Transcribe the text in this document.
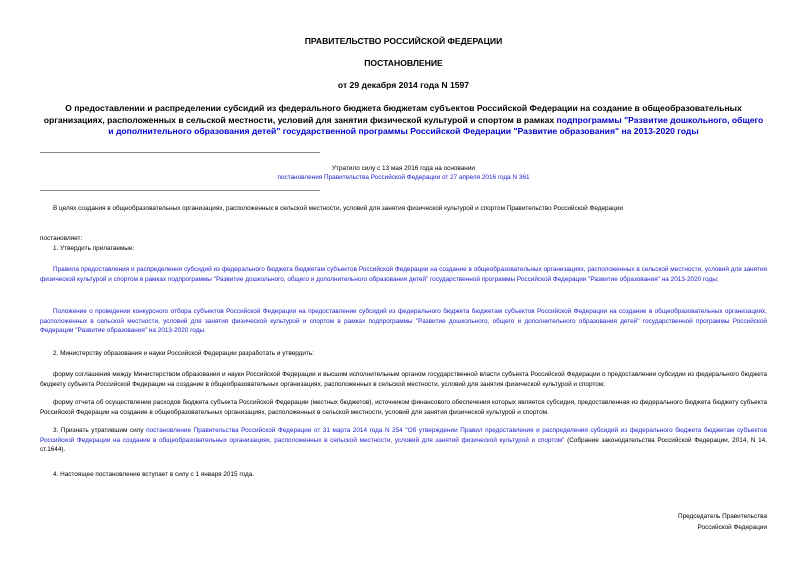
ПРАВИТЕЛЬСТВО РОССИЙСКОЙ ФЕДЕРАЦИИ
ПОСТАНОВЛЕНИЕ
от 29 декабря 2014 года N 1597
О предоставлении и распределении субсидий из федерального бюджета бюджетам субъектов Российской Федерации на создание в общеобразовательных организациях, расположенных в сельской местности, условий для занятия физической культурой и спортом в рамках подпрограммы "Развитие дошкольного, общего и дополнительного образования детей" государственной программы Российской Федерации "Развитие образования" на 2013-2020 годы
Утратило силу с 13 мая 2016 года на основании
постановления Правительства Российской Федерации от 27 апреля 2016 года N 361
В целях создания в общеобразовательных организациях, расположенных в сельской местности, условий для занятия физической культурой и спортом Правительство Российской Федерации
постановляет:
1. Утвердить прилагаемые:
Правила предоставления и распределения субсидий из федерального бюджета бюджетам субъектов Российской Федерации на создание в общеобразовательных организациях, расположенных в сельской местности, условий для занятия физической культурой и спортом в рамках подпрограммы "Развитие дошкольного, общего и дополнительного образования детей" государственной программы Российской Федерации "Развитие образования" на 2013-2020 годы;
Положение о проведении конкурсного отбора субъектов Российской Федерации на предоставление субсидий из федерального бюджета бюджетам субъектов Российской Федерации на создание в общеобразовательных организациях, расположенных в сельской местности, условий для занятия физической культурой и спортом в рамках подпрограммы "Развитие дошкольного, общего и дополнительного образования детей" государственной программы Российской Федерации "Развитие образования" на 2013-2020 годы.
2. Министерству образования и науки Российской Федерации разработать и утвердить:
форму соглашения между Министерством образования и науки Российской Федерации и высшим исполнительным органом государственной власти субъекта Российской Федерации о предоставлении субсидии из федерального бюджета бюджету субъекта Российской Федерации на создание в общеобразовательных организациях, расположенных в сельской местности, условий для занятия физической культурой и спортом;
форму отчета об осуществлении расходов бюджета субъекта Российской Федерации (местных бюджетов), источником финансового обеспечения которых является субсидия, предоставленная из федерального бюджета бюджету субъекта Российской Федерации на создание в общеобразовательных организациях, расположенных в сельской местности, условий для занятия физической культурой и спортом.
3. Признать утратившим силу постановление Правительства Российской Федерации от 31 марта 2014 года N 254 "Об утверждении Правил предоставления и распределения субсидий из федерального бюджета бюджетам субъектов Российской Федерации на создание в общеобразовательных организациях, расположенных в сельской местности, условий для занятий физической культурой и спортом" (Собрание законодательства Российской Федерации, 2014, N 14, ст.1644).
4. Настоящее постановление вступает в силу с 1 января 2015 года.
Председатель Правительства
Российской Федерации
